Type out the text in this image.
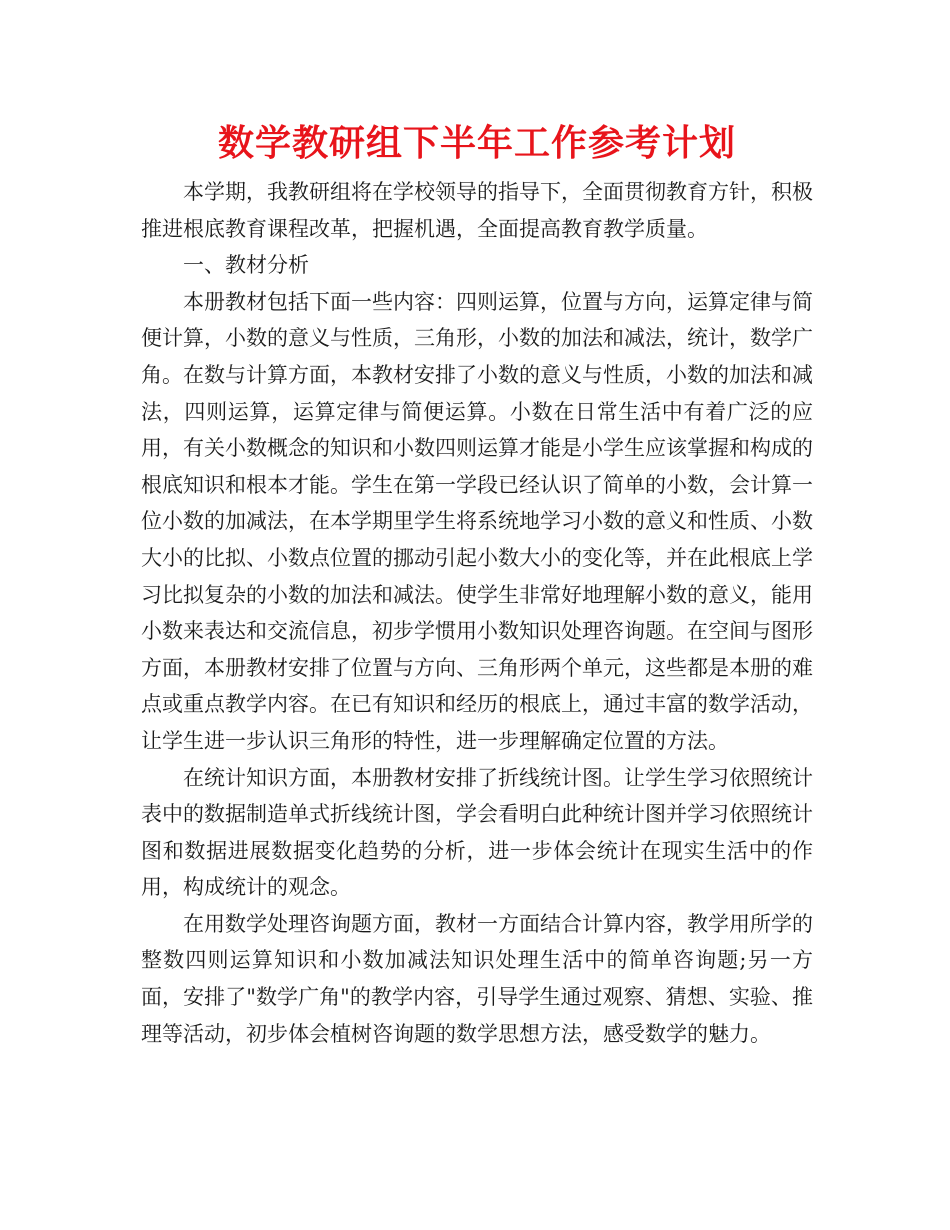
数学教研组下半年工作参考计划

本学期，我教研组将在学校领导的指导下，全面贯彻教育方针，积极推进根底教育课程改革，把握机遇，全面提高教育教学质量。

一、教材分析

本册教材包括下面一些内容：四则运算，位置与方向，运算定律与简便计算，小数的意义与性质，三角形，小数的加法和减法，统计，数学广角。在数与计算方面，本教材安排了小数的意义与性质，小数的加法和减法，四则运算，运算定律与简便运算。小数在日常生活中有着广泛的应用，有关小数概念的知识和小数四则运算才能是小学生应该掌握和构成的根底知识和根本才能。学生在第一学段已经认识了简单的小数，会计算一位小数的加减法，在本学期里学生将系统地学习小数的意义和性质、小数大小的比拟、小数点位置的挪动引起小数大小的变化等，并在此根底上学习比拟复杂的小数的加法和减法。使学生非常好地理解小数的意义，能用小数来表达和交流信息，初步学惯用小数知识处理咨询题。在空间与图形方面，本册教材安排了位置与方向、三角形两个单元，这些都是本册的难点或重点教学内容。在已有知识和经历的根底上，通过丰富的数学活动，让学生进一步认识三角形的特性，进一步理解确定位置的方法。

在统计知识方面，本册教材安排了折线统计图。让学生学习依照统计表中的数据制造单式折线统计图，学会看明白此种统计图并学习依照统计图和数据进展数据变化趋势的分析，进一步体会统计在现实生活中的作用，构成统计的观念。

在用数学处理咨询题方面，教材一方面结合计算内容，教学用所学的整数四则运算知识和小数加减法知识处理生活中的简单咨询题;另一方面，安排了"数学广角"的教学内容，引导学生通过观察、猜想、实验、推理等活动，初步体会植树咨询题的数学思想方法，感受数学的魅力。
